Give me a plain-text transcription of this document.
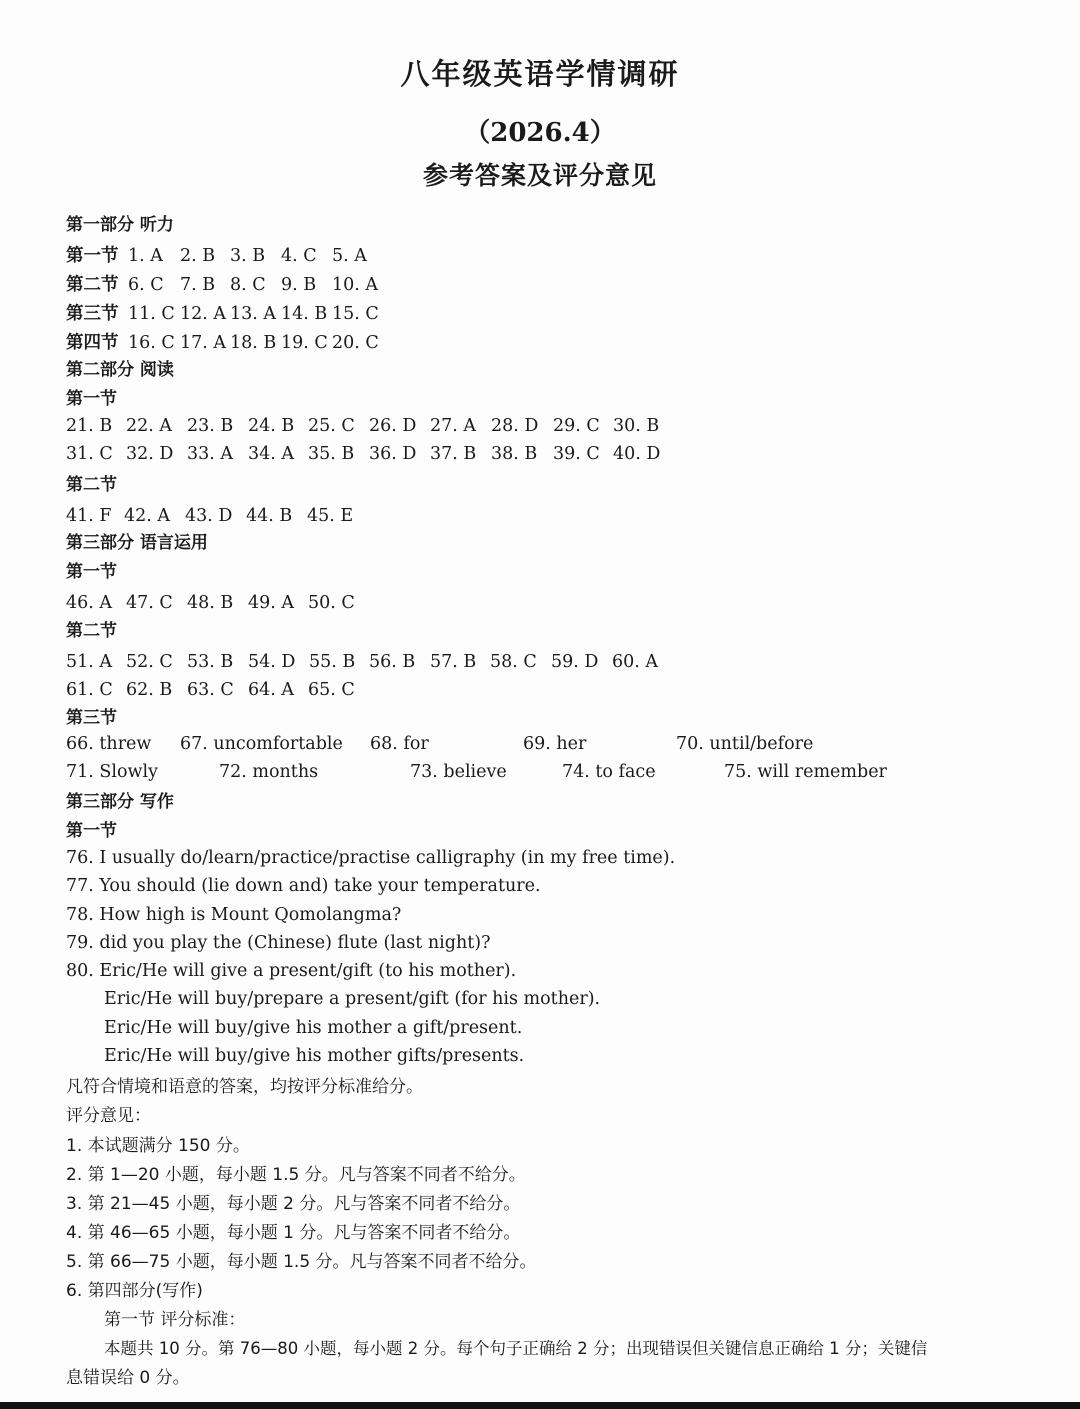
八年级英语学情调研
（2026.4）
参考答案及评分意见
第一部分 听力
第一节 1. A 2. B 3. B 4. C 5. A
第二节 6. C 7. B 8. C 9. B 10. A
第三节 11. C 12. A 13. A 14. B 15. C
第四节 16. C 17. A 18. B 19. C 20. C
第二部分 阅读
第一节
21. B 22. A 23. B 24. B 25. C 26. D 27. A 28. D 29. C 30. B
31. C 32. D 33. A 34. A 35. B 36. D 37. B 38. B 39. C 40. D
第二节
41. F 42. A 43. D 44. B 45. E
第三部分 语言运用
第一节
46. A 47. C 48. B 49. A 50. C
第二节
51. A 52. C 53. B 54. D 55. B 56. B 57. B 58. C 59. D 60. A
61. C 62. B 63. C 64. A 65. C
第三节
66. threw 67. uncomfortable 68. for	69. her	70. until/before
71. Slowly	72. months	73. believe	74. to face	75. will remember
第三部分 写作
第一节
76. I usually do/learn/practice/practise calligraphy (in my free time).
77. You should (lie down and) take your temperature.
78. How high is Mount Qomolangma?
79. did you play the (Chinese) flute (last night)?
80. Eric/He will give a present/gift (to his mother).
Eric/He will buy/prepare a present/gift (for his mother).
Eric/He will buy/give his mother a gift/present.
Eric/He will buy/give his mother gifts/presents.
凡符合情境和语意的答案，均按评分标准给分。
评分意见：
1. 本试题满分 150 分。
2. 第 1—20 小题，每小题 1.5 分。凡与答案不同者不给分。
3. 第 21—45 小题，每小题 2 分。凡与答案不同者不给分。
4. 第 46—65 小题，每小题 1 分。凡与答案不同者不给分。
5. 第 66—75 小题，每小题 1.5 分。凡与答案不同者不给分。
6. 第四部分(写作)
第一节 评分标准：
本题共 10 分。第 76—80 小题，每小题 2 分。每个句子正确给 2 分；出现错误但关键信息正确给 1 分；关键信
息错误给 0 分。
